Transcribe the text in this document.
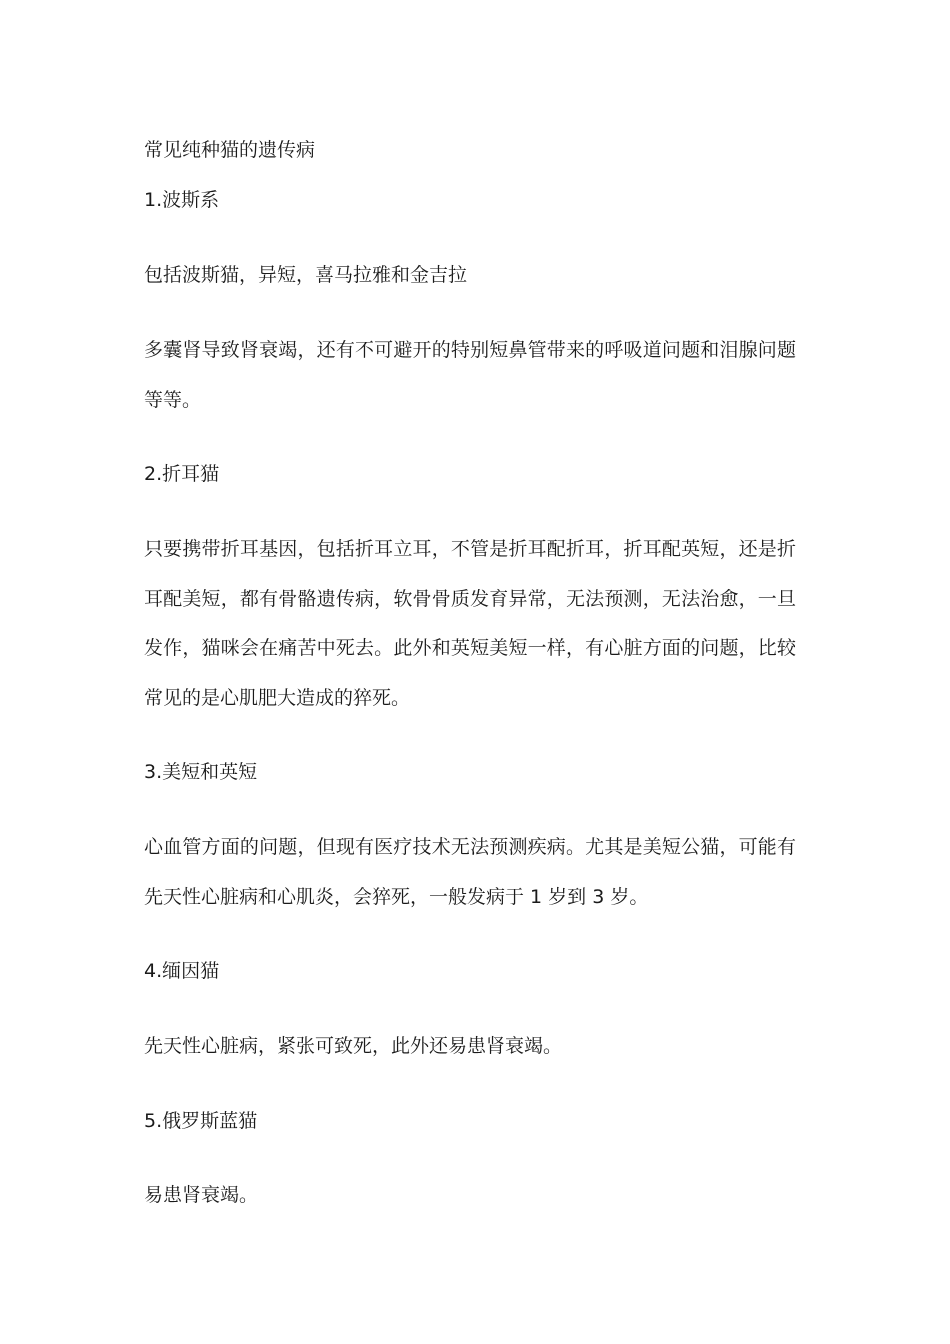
常见纯种猫的遗传病
1.波斯系
包括波斯猫，异短，喜马拉雅和金吉拉
多囊肾导致肾衰竭，还有不可避开的特别短鼻管带来的呼吸道问题和泪腺问题
等等。
2.折耳猫
只要携带折耳基因，包括折耳立耳，不管是折耳配折耳，折耳配英短，还是折
耳配美短，都有骨骼遗传病，软骨骨质发育异常，无法预测，无法治愈，一旦
发作，猫咪会在痛苦中死去。此外和英短美短一样，有心脏方面的问题，比较
常见的是心肌肥大造成的猝死。
3.美短和英短
心血管方面的问题，但现有医疗技术无法预测疾病。尤其是美短公猫，可能有
先天性心脏病和心肌炎，会猝死，一般发病于 1 岁到 3 岁。
4.缅因猫
先天性心脏病，紧张可致死，此外还易患肾衰竭。
5.俄罗斯蓝猫
易患肾衰竭。
